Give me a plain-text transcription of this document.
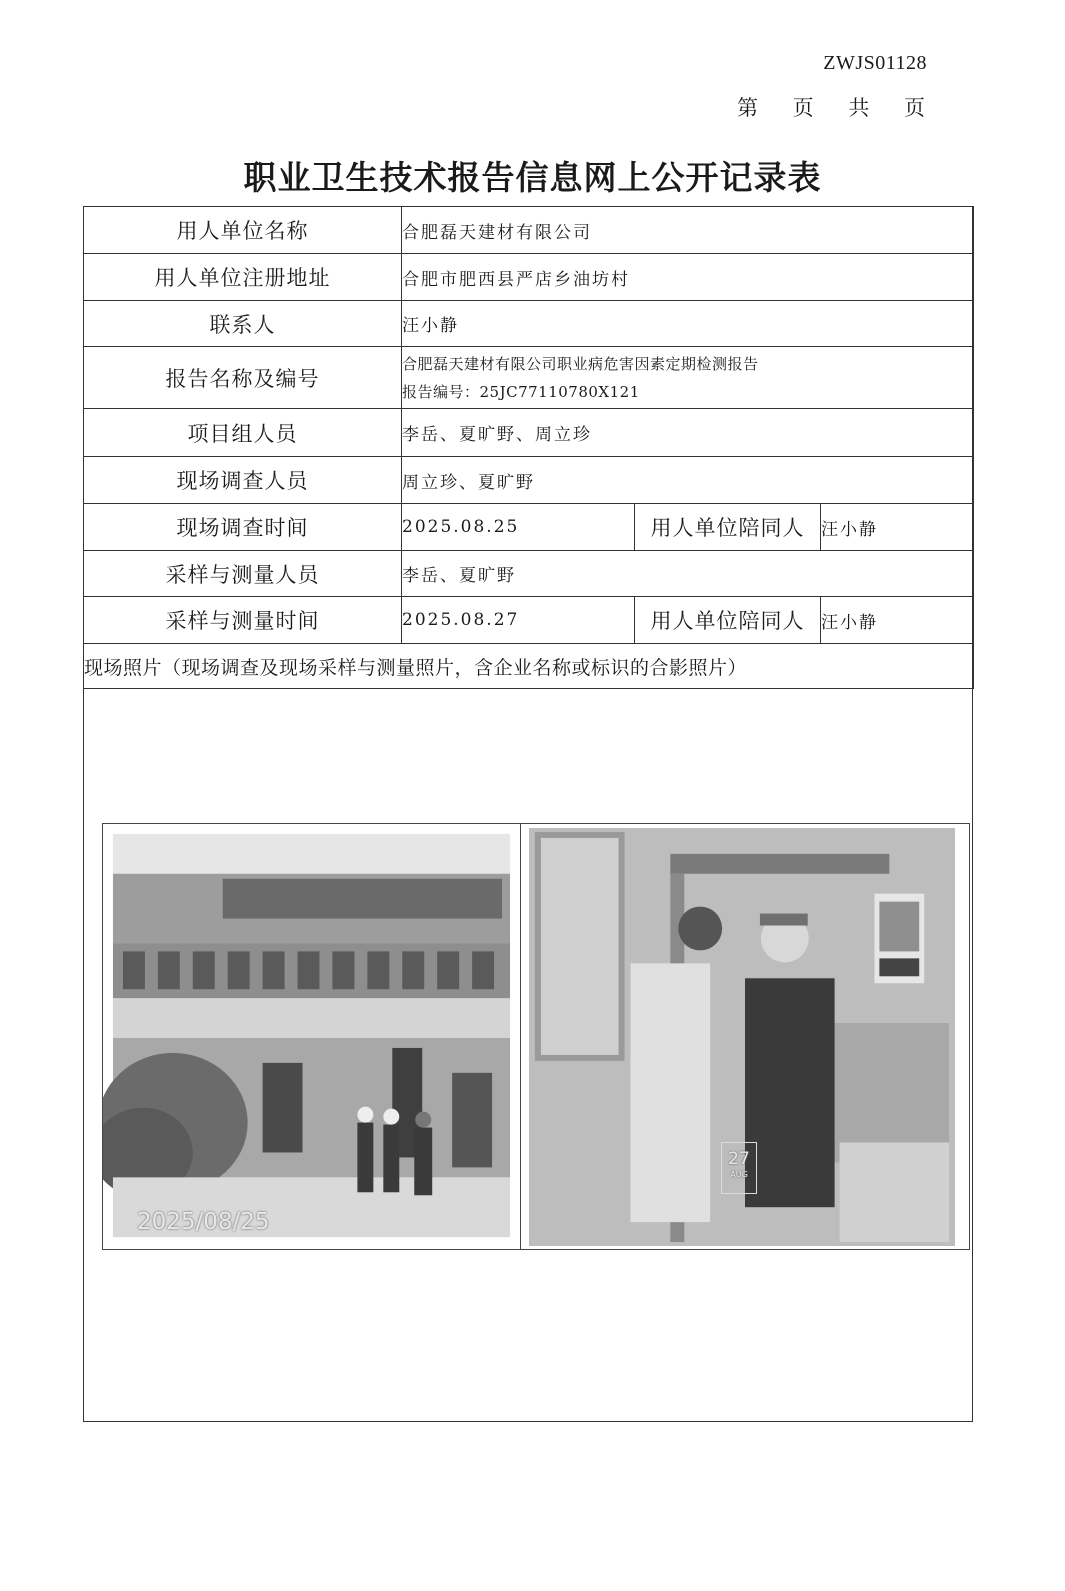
ZWJS01128
第 页 共 页
职业卫生技术报告信息网上公开记录表
用人单位名称	合肥磊天建材有限公司		
用人单位注册地址	合肥市肥西县严店乡油坊村		
联系人	汪小静		
报告名称及编号	合肥磊天建材有限公司职业病危害因素定期检测报告
报告编号：25JC77110780X121		

项目组人员	李岳、夏旷野、周立珍		
现场调查人员	周立珍、夏旷野		
现场调查时间	2025.08.25	用人单位陪同人	汪小静
采样与测量人员	李岳、夏旷野		
采样与测量时间	2025.08.27	用人单位陪同人	汪小静
现场照片（现场调查及现场采样与测量照片，含企业名称或标识的合影照片）			
2025/08/25
27
AUG
